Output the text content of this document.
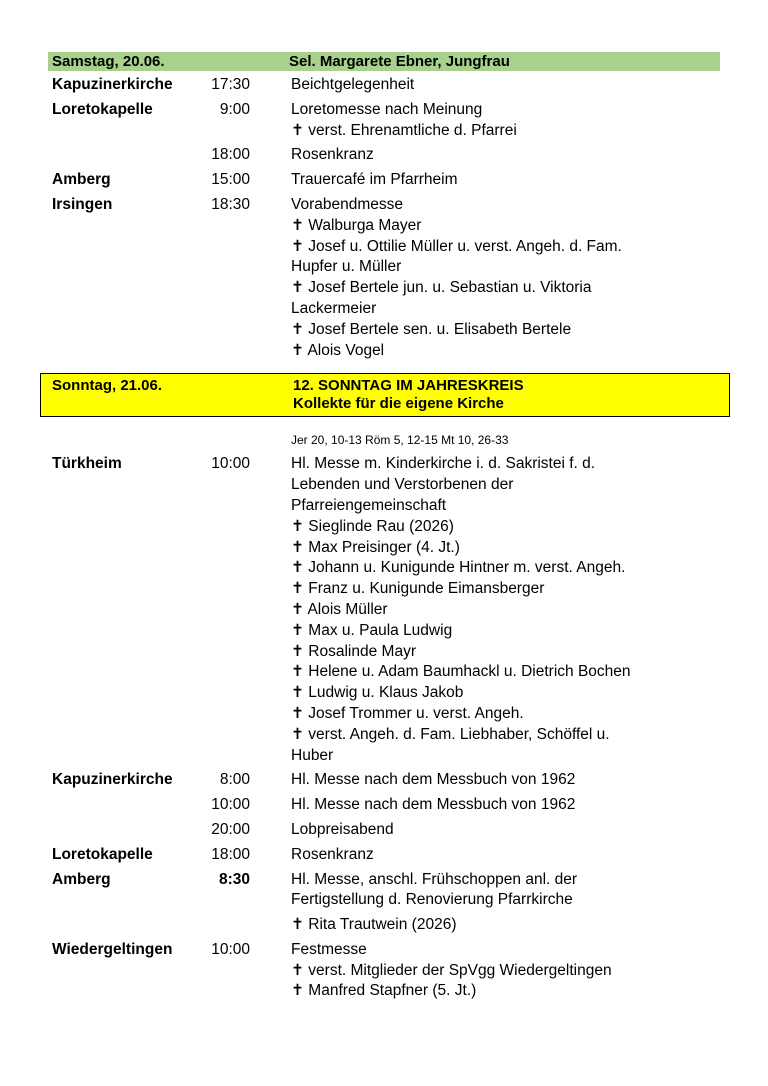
Samstag, 20.06.	Sel. Margarete Ebner, Jungfrau
Kapuzinerkirche	17:30	Beichtgelegenheit
Loretokapelle	9:00	Loretomesse nach Meinung
✝ verst. Ehrenamtliche d. Pfarrei
18:00	Rosenkranz
Amberg	15:00	Trauercafé im Pfarrheim
Irsingen	18:30	Vorabendmesse
✝ Walburga Mayer
✝ Josef u. Ottilie Müller u. verst. Angeh. d. Fam.
Hupfer u. Müller
✝ Josef Bertele jun. u. Sebastian u. Viktoria
Lackermeier
✝ Josef Bertele sen. u. Elisabeth Bertele
✝ Alois Vogel
Sonntag, 21.06.	12. SONNTAG IM JAHRESKREIS
Kollekte für die eigene Kirche
Jer 20, 10-13 Röm 5, 12-15 Mt 10, 26-33
Türkheim	10:00	Hl. Messe m. Kinderkirche i. d. Sakristei f. d.
Lebenden und Verstorbenen der
Pfarreiengemeinschaft
✝ Sieglinde Rau (2026)
✝ Max Preisinger (4. Jt.)
✝ Johann u. Kunigunde Hintner m. verst. Angeh.
✝ Franz u. Kunigunde Eimansberger
✝ Alois Müller
✝ Max u. Paula Ludwig
✝ Rosalinde Mayr
✝ Helene u. Adam Baumhackl u. Dietrich Bochen
✝ Ludwig u. Klaus Jakob
✝ Josef Trommer u. verst. Angeh.
✝ verst. Angeh. d. Fam. Liebhaber, Schöffel u.
Huber
Kapuzinerkirche	8:00	Hl. Messe nach dem Messbuch von 1962
10:00	Hl. Messe nach dem Messbuch von 1962
20:00	Lobpreisabend
Loretokapelle	18:00	Rosenkranz
Amberg	8:30	Hl. Messe, anschl. Frühschoppen anl. der
Fertigstellung d. Renovierung Pfarrkirche
✝ Rita Trautwein (2026)
Wiedergeltingen	10:00	Festmesse
✝ verst. Mitglieder der SpVgg Wiedergeltingen
✝ Manfred Stapfner (5. Jt.)
